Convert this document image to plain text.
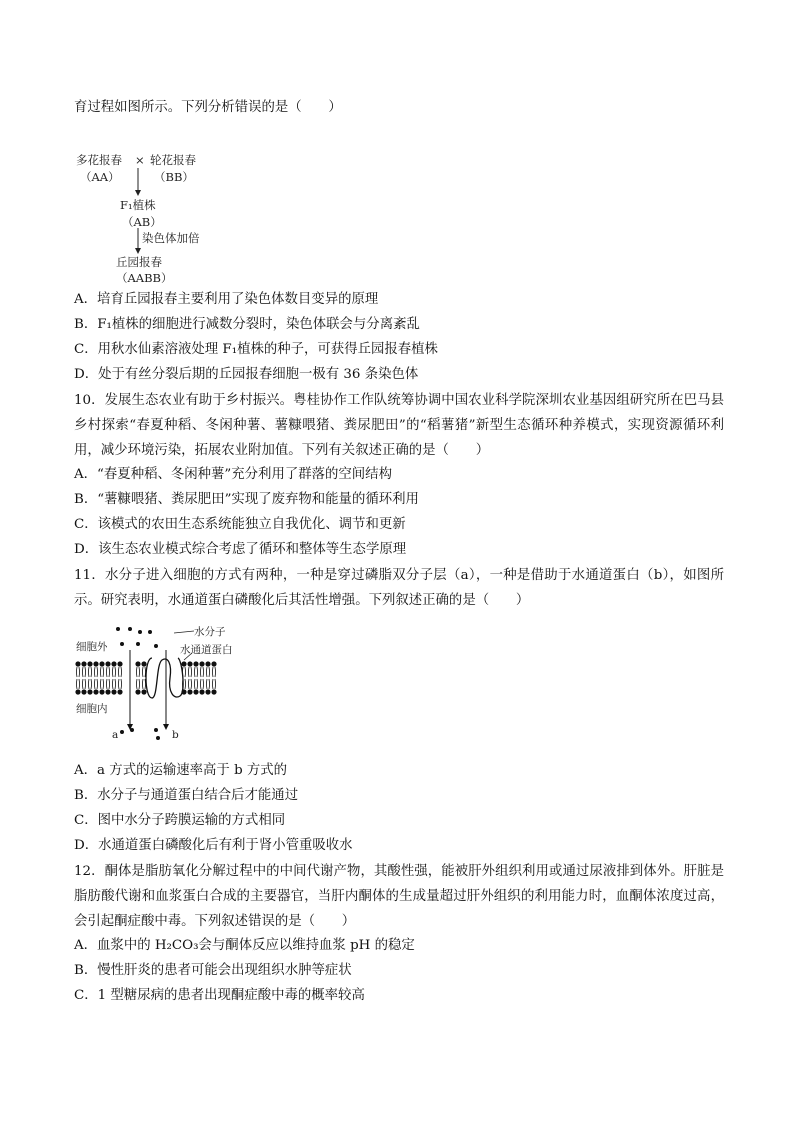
育过程如图所示。下列分析错误的是（　　）
多花报春 × 轮花报春
（AA）	（BB）
F₁植株
（AB）
染色体加倍
丘园报春
（AABB）
A．培育丘园报春主要利用了染色体数目变异的原理
B．F₁植株的细胞进行减数分裂时，染色体联会与分离紊乱
C．用秋水仙素溶液处理 F₁植株的种子，可获得丘园报春植株
D．处于有丝分裂后期的丘园报春细胞一极有 36 条染色体
10．发展生态农业有助于乡村振兴。粤桂协作工作队统筹协调中国农业科学院深圳农业基因组研究所在巴马县乡村探索“春夏种稻、冬闲种薯、薯糠喂猪、粪尿肥田”的“稻薯猪”新型生态循环种养模式，实现资源循环利用，减少环境污染，拓展农业附加值。下列有关叙述正确的是（　　）
A．“春夏种稻、冬闲种薯”充分利用了群落的空间结构
B．“薯糠喂猪、粪尿肥田”实现了废弃物和能量的循环利用
C．该模式的农田生态系统能独立自我优化、调节和更新
D．该生态农业模式综合考虑了循环和整体等生态学原理
11．水分子进入细胞的方式有两种，一种是穿过磷脂双分子层（a），一种是借助于水通道蛋白（b），如图所示。研究表明，水通道蛋白磷酸化后其活性增强。下列叙述正确的是（　　）
水分子
水通道蛋白
细胞外
细胞内
a	b
A．a 方式的运输速率高于 b 方式的
B．水分子与通道蛋白结合后才能通过
C．图中水分子跨膜运输的方式相同
D．水通道蛋白磷酸化后有利于肾小管重吸收水
12．酮体是脂肪氧化分解过程中的中间代谢产物，其酸性强，能被肝外组织利用或通过尿液排到体外。肝脏是脂肪酸代谢和血浆蛋白合成的主要器官，当肝内酮体的生成量超过肝外组织的利用能力时，血酮体浓度过高，会引起酮症酸中毒。下列叙述错误的是（　　）
A．血浆中的 H₂CO₃会与酮体反应以维持血浆 pH 的稳定
B．慢性肝炎的患者可能会出现组织水肿等症状
C．1 型糖尿病的患者出现酮症酸中毒的概率较高
